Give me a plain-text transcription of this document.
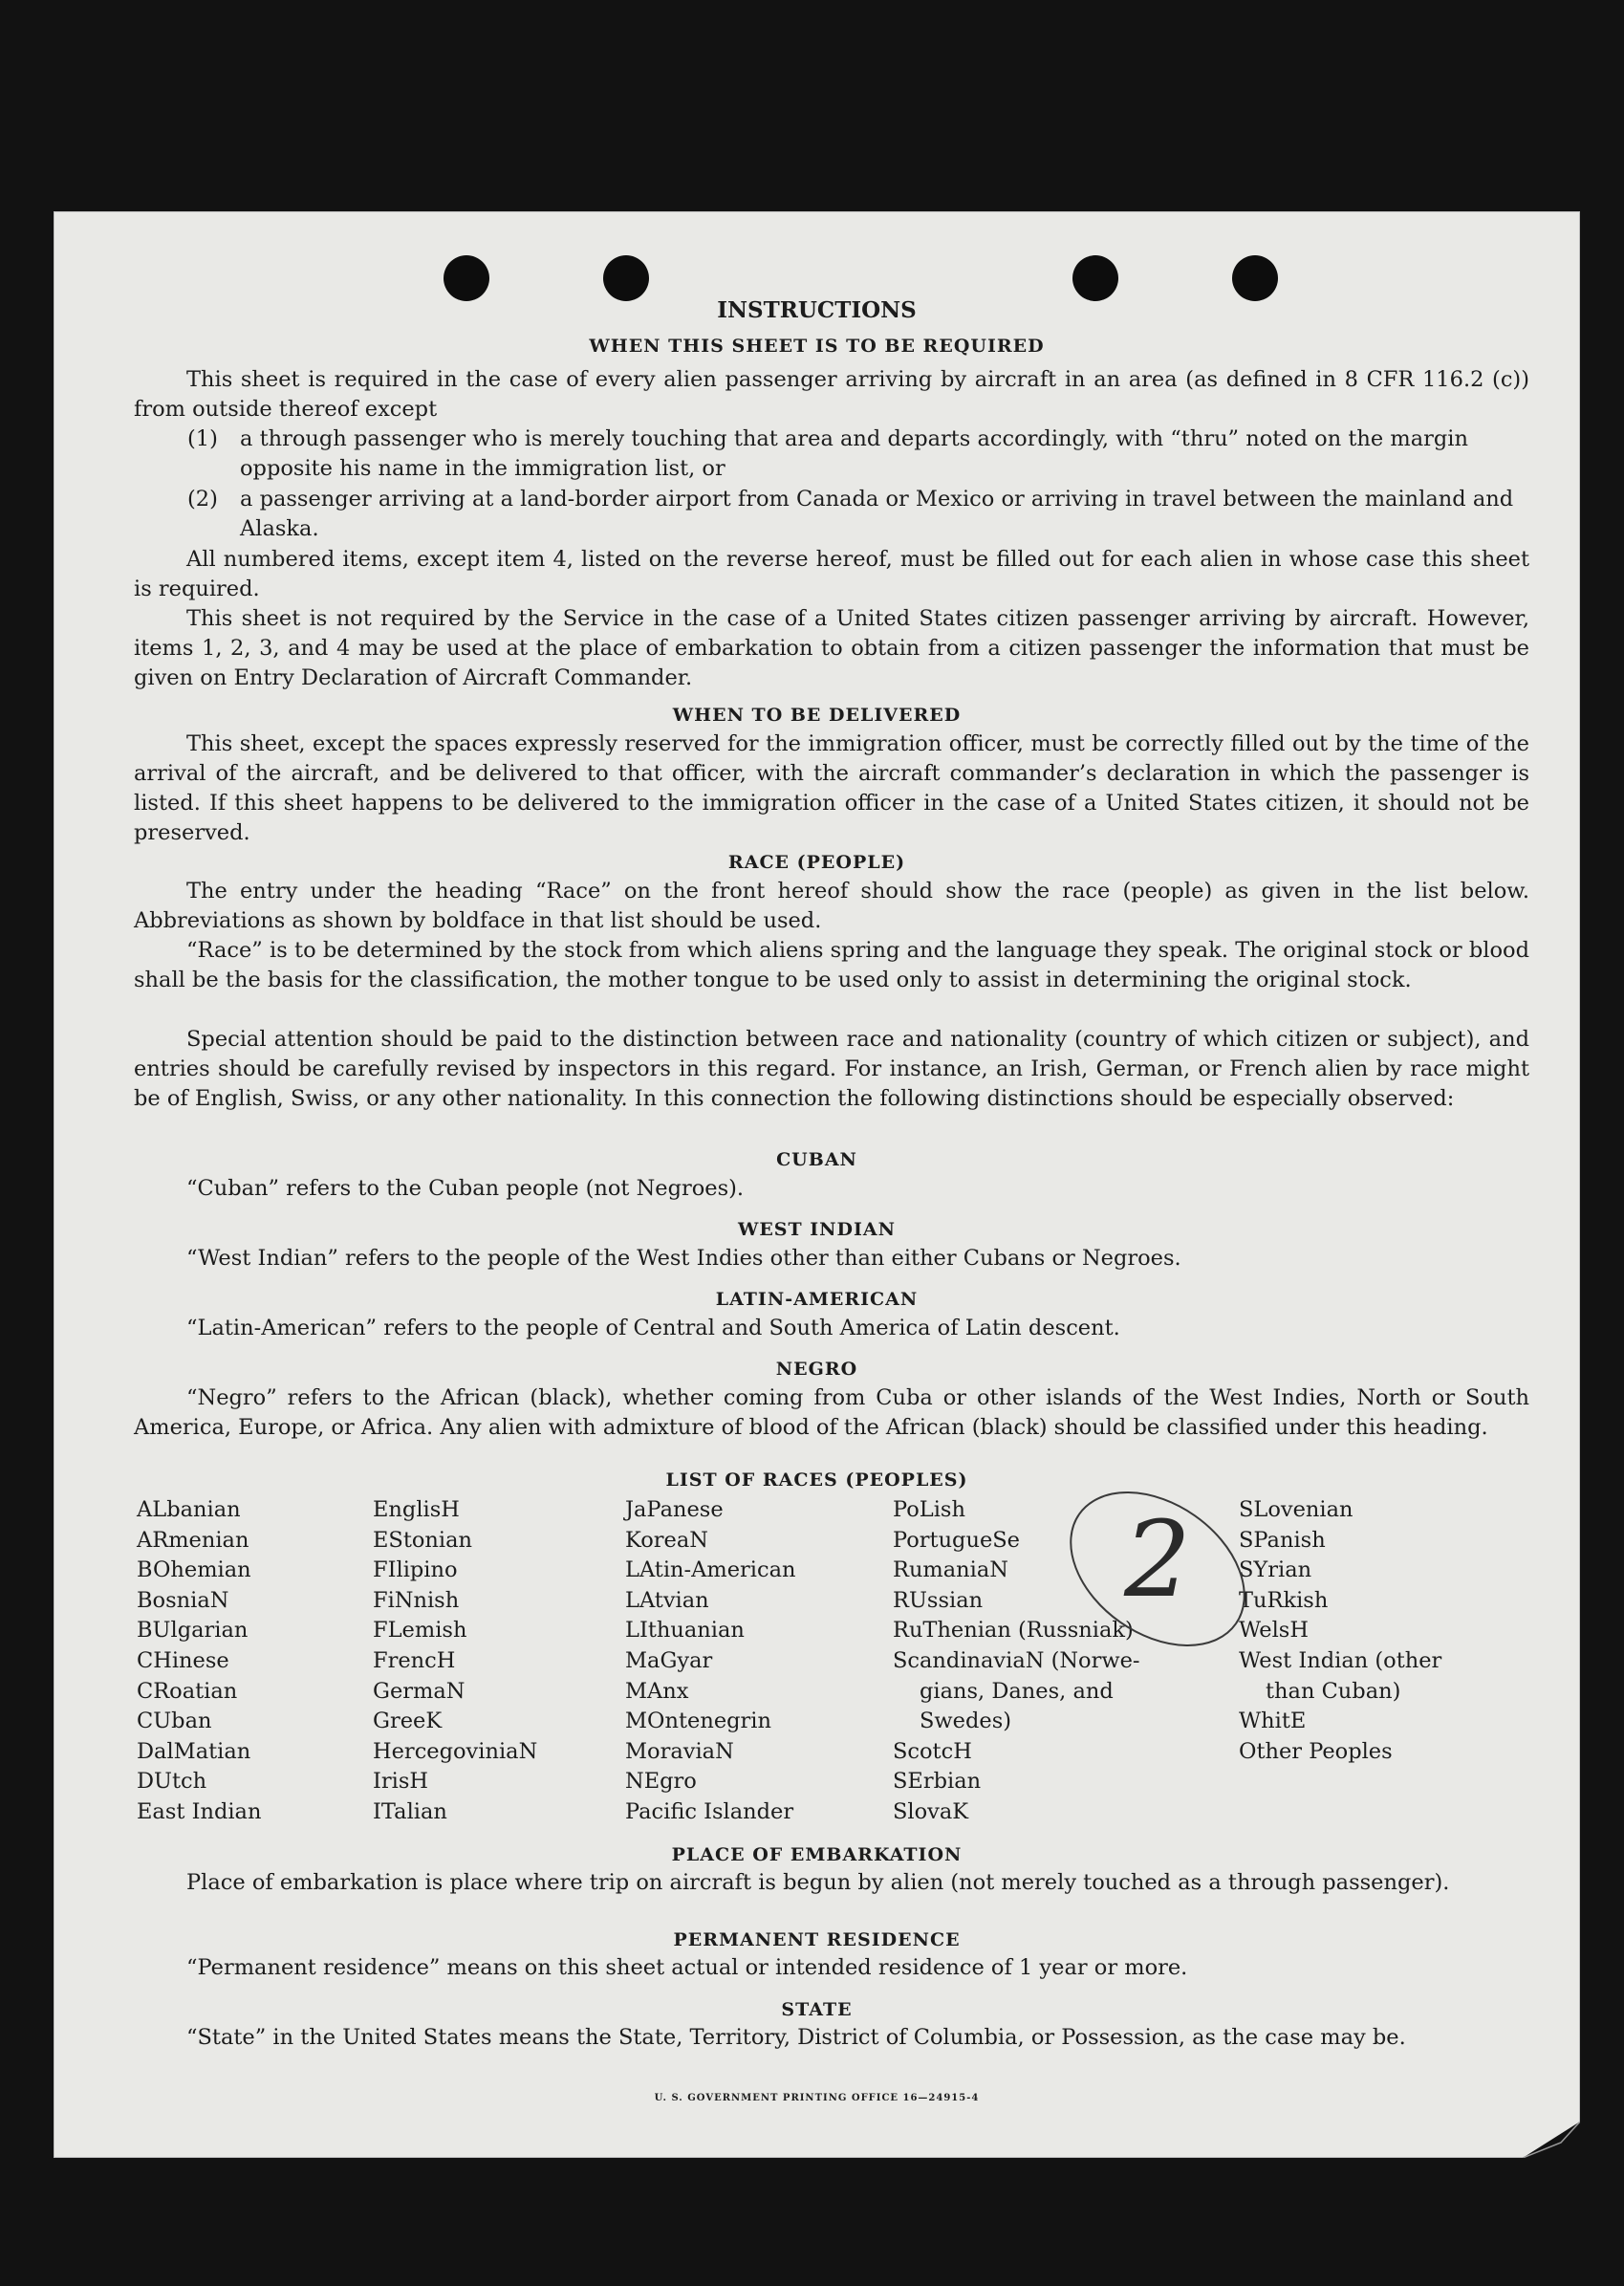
INSTRUCTIONS
WHEN THIS SHEET IS TO BE REQUIRED
This sheet is required in the case of every alien passenger arriving by aircraft in an area (as defined in 8 CFR 116.2 (c)) from outside thereof except
(1) a through passenger who is merely touching that area and departs accordingly, with “thru” noted on the margin opposite his name in the immigration list, or
(2) a passenger arriving at a land-border airport from Canada or Mexico or arriving in travel between the mainland and Alaska.
All numbered items, except item 4, listed on the reverse hereof, must be filled out for each alien in whose case this sheet is required.
This sheet is not required by the Service in the case of a United States citizen passenger arriving by aircraft. However, items 1, 2, 3, and 4 may be used at the place of embarkation to obtain from a citizen passenger the information that must be given on Entry Declaration of Aircraft Commander.
WHEN TO BE DELIVERED
This sheet, except the spaces expressly reserved for the immigration officer, must be correctly filled out by the time of the arrival of the aircraft, and be delivered to that officer, with the aircraft commander’s declaration in which the passenger is listed. If this sheet happens to be delivered to the immigration officer in the case of a United States citizen, it should not be preserved.
RACE (PEOPLE)
The entry under the heading “Race” on the front hereof should show the race (people) as given in the list below. Abbreviations as shown by boldface in that list should be used.
“Race” is to be determined by the stock from which aliens spring and the language they speak. The original stock or blood shall be the basis for the classification, the mother tongue to be used only to assist in determining the original stock.
Special attention should be paid to the distinction between race and nationality (country of which citizen or subject), and entries should be carefully revised by inspectors in this regard. For instance, an Irish, German, or French alien by race might be of English, Swiss, or any other nationality. In this connection the following distinctions should be especially observed:
CUBAN
“Cuban” refers to the Cuban people (not Negroes).
WEST INDIAN
“West Indian” refers to the people of the West Indies other than either Cubans or Negroes.
LATIN-AMERICAN
“Latin-American” refers to the people of Central and South America of Latin descent.
NEGRO
“Negro” refers to the African (black), whether coming from Cuba or other islands of the West Indies, North or South America, Europe, or Africa. Any alien with admixture of blood of the African (black) should be classified under this heading.
LIST OF RACES (PEOPLES)
ALbanian
ARmenian
BOhemian
BosniaN
BUlgarian
CHinese
CRoatian
CUban
DalMatian
DUtch
East Indian
EnglisH
EStonian
FIlipino
FiNnish
FLemish
FrencH
GermaN
GreeK
HercegoviniaN
IrisH
ITalian
JaPanese
KoreaN
LAtin-American
LAtvian
LIthuanian
MaGyar
MAnx
MOntenegrin
MoraviaN
NEgro
Pacific Islander
PoLish
PortugueSe
RumaniaN
RUssian
RuThenian (Russniak)
ScandinaviaN (Norwe-
gians, Danes, and
Swedes)
ScotcH
SErbian
SlovaK
SLovenian
SPanish
SYrian
TuRkish
WelsH
West Indian (other
than Cuban)
WhitE
Other Peoples
2
PLACE OF EMBARKATION
Place of embarkation is place where trip on aircraft is begun by alien (not merely touched as a through passenger).
PERMANENT RESIDENCE
“Permanent residence” means on this sheet actual or intended residence of 1 year or more.
STATE
“State” in the United States means the State, Territory, District of Columbia, or Possession, as the case may be.
U. S. GOVERNMENT PRINTING OFFICE 16—24915-4
